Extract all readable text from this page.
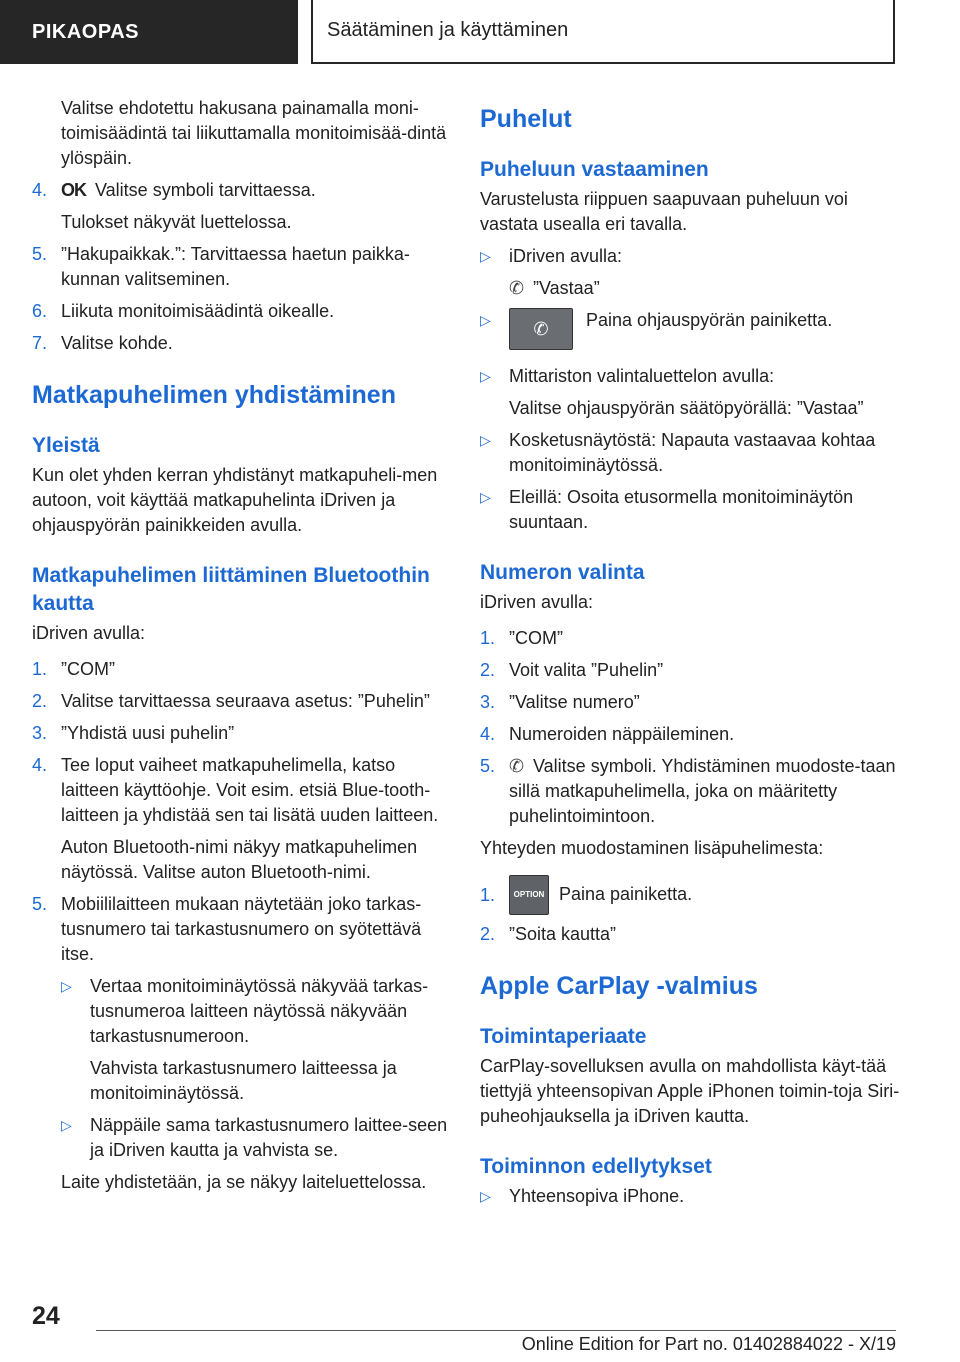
PIKAOPAS	Säätäminen ja käyttäminen

Valitse ehdotettu hakusana painamalla moni-toimisäädintä tai liikuttamalla monitoimisää-dintä ylöspäin.

4. OK Valitse symboli tarvittaessa.

Tulokset näkyvät luettelossa.

5. ”Hakupaikkak.”: Tarvittaessa haetun paikka-kunnan valitseminen.
6. Liikuta monitoimisäädintä oikealle.
7. Valitse kohde.

Matkapuhelimen yhdistäminen

Yleistä

Kun olet yhden kerran yhdistänyt matkapuheli-men autoon, voit käyttää matkapuhelinta iDriven ja ohjauspyörän painikkeiden avulla.

Matkapuhelimen liittäminen Bluetoothin kautta

iDriven avulla:

1. ”COM”
2. Valitse tarvittaessa seuraava asetus: ”Puhelin”
3. ”Yhdistä uusi puhelin”
4. Tee loput vaiheet matkapuhelimella, katso laitteen käyttöohje. Voit esim. etsiä Blue-tooth-laitteen ja yhdistää sen tai lisätä uuden laitteen.

Auton Bluetooth-nimi näkyy matkapuhelimen näytössä. Valitse auton Bluetooth-nimi.

5. Mobiililaitteen mukaan näytetään joko tarkas-tusnumero tai tarkastusnumero on syötettävä itse.

▷	Vertaa monitoiminäytössä näkyvää tarkas-tusnumeroa laitteen näytössä näkyvään tarkastusnumeroon.

Vahvista tarkastusnumero laitteessa ja monitoiminäytössä.

▷	Näppäile sama tarkastusnumero laittee-seen ja iDriven kautta ja vahvista se.

Laite yhdistetään, ja se näkyy laiteluettelossa.

Puhelut

Puheluun vastaaminen

Varustelusta riippuen saapuvaan puheluun voi vastata usealla eri tavalla.

▷	iDriven avulla:

✆ ”Vastaa”

▷	✆ Paina ohjauspyörän painiketta.
▷	Mittariston valintaluettelon avulla:

Valitse ohjauspyörän säätöpyörällä: ”Vastaa”

▷	Kosketusnäytöstä: Napauta vastaavaa kohtaa monitoiminäytössä.
▷	Eleillä: Osoita etusormella monitoiminäytön suuntaan.

Numeron valinta

iDriven avulla:

1. ”COM”
2. Voit valita ”Puhelin”
3. ”Valitse numero”
4. Numeroiden näppäileminen.
5. ✆ Valitse symboli. Yhdistäminen muodoste-taan sillä matkapuhelimella, joka on määritetty puhelintoimintoon.

Yhteyden muodostaminen lisäpuhelimesta:

1.	OPTION Paina painiketta.
2. ”Soita kautta”

Apple CarPlay -valmius

Toimintaperiaate

CarPlay-sovelluksen avulla on mahdollista käyt-tää tiettyjä yhteensopivan Apple iPhonen toimin-toja Siri-puheohjauksella ja iDriven kautta.

Toiminnon edellytykset

▷	Yhteensopiva iPhone.
24
Online Edition for Part no. 01402884022 - X/19
